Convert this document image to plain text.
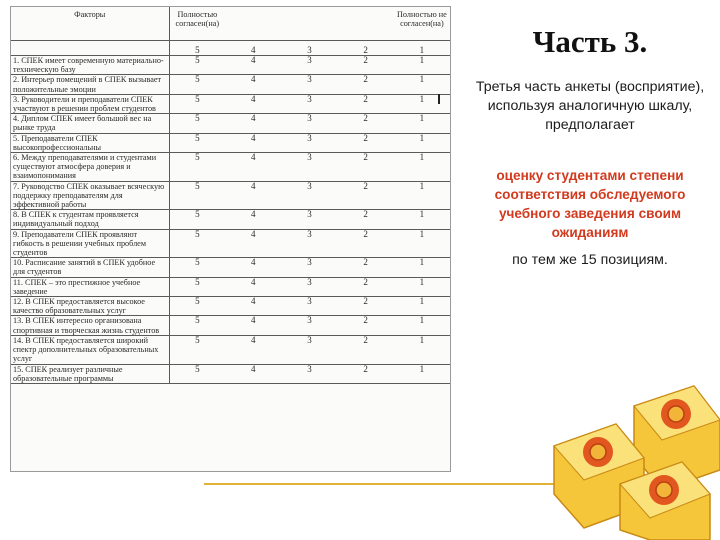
Факторы	Полностью согласен(на)				Полностью не согласен(на)
	5	4	3	2	1
1. СПЕК имеет современную материально-техническую базу	5	4	3	2	1
2. Интерьер помещений в СПЕК вызывает положительные эмоции	5	4	3	2	1
3. Руководители и преподаватели СПЕК участвуют в решении проблем студентов	5	4	3	2	1
4. Диплом СПЕК имеет большой вес на рынке труда	5	4	3	2	1
5. Преподаватели СПЕК высокопрофессиональны	5	4	3	2	1
6. Между преподавателями и студентами существуют атмосфера доверия и взаимопонимания	5	4	3	2	1
7. Руководство СПЕК оказывает всяческую поддержку преподавателям для эффективной работы	5	4	3	2	1
8. В СПЕК к студентам проявляется индивидуальный подход	5	4	3	2	1
9. Преподаватели СПЕК проявляют гибкость в решении учебных проблем студентов	5	4	3	2	1
10. Расписание занятий в СПЕК удобное для студентов	5	4	3	2	1
11. СПЕК – это престижное учебное заведение	5	4	3	2	1
12. В СПЕК предоставляется высокое качество образовательных услуг	5	4	3	2	1
13. В СПЕК интересно организована спортивная и творческая жизнь студентов	5	4	3	2	1
14. В СПЕК предоставляется широкий спектр дополнительных образовательных услуг	5	4	3	2	1
15. СПЕК реализует различные образовательные программы	5	4	3	2	1
Часть 3.

Третья часть анкеты (восприятие), используя аналогичную шкалу, предполагает

оценку студентами степени соответствия обследуемого учебного заведения своим ожиданиям

по тем же 15 позициям.
